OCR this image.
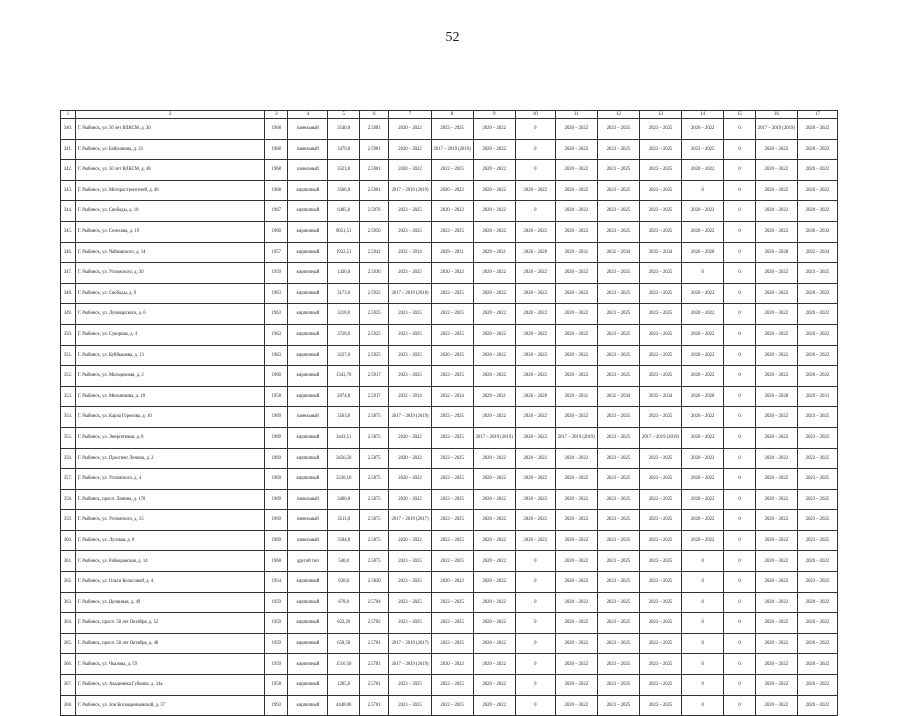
52
1	2	3	4	5	6	7	8	9	10	11	12	13	14	15	16	17
340.	Г. Рыбинск, ул. 50 лет ВЛКСМ, д. 30	1968	панельный	3540,0	2.5981	2020 – 2022	2023 – 2025	2020 – 2022	0	2020 – 2022	2023 – 2025	2023 – 2025	2020 – 2022	0	2017 – 2019 (2019)	2020 – 2022
341.	Г. Рыбинск, ул. Бабушкина, д. 23	1968	панельный	3479,0	2.5981	2020 – 2022	2017 – 2019 (2019)	2020 – 2022	0	2020 – 2022	2023 – 2025	2023 – 2025	2023 – 2025	0	2020 – 2022	2020 – 2022
342.	Г. Рыбинск, ул. 50 лет ВЛКСМ, д. 48	1968	панельный	3523,0	2.5981	2020 – 2022	2023 – 2025	2020 – 2022	0	2020 – 2022	2023 – 2025	2023 – 2025	2020 – 2022	0	2020 – 2022	2020 – 2022
343.	Г. Рыбинск, ул. Моторостроителей, д. 40	1968	кирпичный	3566,0	2.5981	2017 – 2019 (2019)	2020 – 2022	2020 – 2022	2020 – 2022	2020 – 2022	2023 – 2025	2023 – 2025	0	0	2020 – 2022	2020 – 2022
344.	Г. Рыбинск, ул. Свободы, д. 10	1967	кирпичный	6405,0	2.5976	2023 – 2025	2020 – 2022	2020 – 2022	0	2020 – 2022	2023 – 2025	2023 – 2025	2020 – 2022	0	2020 – 2022	2020 – 2022
345.	Г. Рыбинск, ул. Селехова, д. 19	1960	кирпичный	8051,51	2.5950	2023 – 2025	2023 – 2025	2020 – 2022	2020 – 2022	2020 – 2022	2023 – 2025	2023 – 2025	2020 – 2022	0	2020 – 2022	2030 – 2032
346.	Г. Рыбинск, ул. Чайковского, д. 14	1957	кирпичный	1932,51	2.5942	2032 – 2034	2029 – 2031	2029 – 2031	2026 – 2028	2029 – 2031	2032 – 2034	2032 – 2034	2026 – 2028	0	2026 – 2028	2032 – 2034
347.	Г. Рыбинск, ул. Ухтомского, д. 30	1959	кирпичный	1436,0	2.5936	2023 – 2025	2020 – 2022	2020 – 2022	2020 – 2022	2020 – 2022	2023 – 2025	2023 – 2025	0	0	2020 – 2022	2023 – 2025
348.	Г. Рыбинск, ул. Свободы, д. 9	1963	кирпичный	3173,0	2.5925	2017 – 2019 (2018)	2023 – 2025	2020 – 2022	2020 – 2022	2020 – 2022	2023 – 2025	2023 – 2025	2020 – 2022	0	2020 – 2022	2020 – 2022
349.	Г. Рыбинск, ул. Луначарского, д. 6	1963	кирпичный	3218,0	2.5925	2023 – 2025	2023 – 2025	2020 – 2022	2020 – 2022	2020 – 2022	2023 – 2025	2023 – 2025	2020 – 2022	0	2020 – 2022	2020 – 2022
350.	Г. Рыбинск, ул. Суворова, д. 4	1963	кирпичный	3728,0	2.5925	2023 – 2025	2023 – 2025	2020 – 2022	2020 – 2022	2020 – 2022	2023 – 2025	2023 – 2025	2020 – 2022	0	2020 – 2022	2020 – 2022
351.	Г. Рыбинск, ул. Куйбышева, д. 13	1963	кирпичный	3227,0	2.5925	2023 – 2025	2020 – 2025	2020 – 2022	2020 – 2022	2020 – 2022	2023 – 2025	2023 – 2025	2020 – 2022	0	2020 – 2022	2020 – 2022
352.	Г. Рыбинск, ул. Молодежная, д. 2	1960	кирпичный	1343,70	2.5917	2023 – 2025	2023 – 2025	2020 – 2022	2020 – 2022	2020 – 2022	2023 – 2025	2023 – 2025	2020 – 2022	0	2020 – 2022	2020 – 2022
353.	Г. Рыбинск, ул. Мельникова, д. 18	1958	кирпичный	2074,0	2.5917	2032 – 2034	2032 – 2034	2029 – 2031	2026 – 2028	2029 – 2031	2032 – 2034	2032 – 2034	2026 – 2028	0	2026 – 2028	2029 – 2031
354.	Г. Рыбинск, ул. Карла Горелова, д. 10	1969	панельный	3563,0	2.5875	2017 – 2019 (2019)	2023 – 2025	2020 – 2022	2020 – 2022	2020 – 2022	2023 – 2025	2023 – 2025	2020 – 2022	0	2020 – 2022	2023 – 2025
355.	Г. Рыбинск, ул. Энергетиков, д. 8	1969	кирпичный	3443,51	2.5875	2020 – 2022	2023 – 2025	2017 – 2019 (2019)	2020 – 2022	2017 – 2019 (2019)	2023 – 2025	2017 – 2019 (2019)	2020 – 2022	0	2020 – 2022	2023 – 2025
356.	Г. Рыбинск, ул. Проспект Ленина, д. 2	1969	кирпичный	3456,50	2.5875	2020 – 2022	2023 – 2025	2020 – 2022	2020 – 2022	2020 – 2022	2023 – 2025	2023 – 2025	2020 – 2022	0	2020 – 2022	2023 – 2025
357.	Г. Рыбинск, ул. Ухтомского, д. 4	1969	кирпичный	3330,10	2.5875	2020 – 2022	2023 – 2025	2020 – 2022	2020 – 2022	2020 – 2022	2023 – 2025	2023 – 2025	2020 – 2022	0	2020 – 2022	2023 – 2025
358.	Г. Рыбинск, просп. Ленина, д. 178	1969	панельный	3460,0	2.5875	2020 – 2022	2023 – 2025	2020 – 2022	2020 – 2022	2020 – 2022	2023 – 2025	2023 – 2025	2020 – 2022	0	2020 – 2022	2023 – 2025
359.	Г. Рыбинск, ул. Ухтомского, д. 15	1969	панельный	3511,0	2.5875	2017 – 2019 (2017)	2023 – 2025	2020 – 2022	2020 – 2022	2020 – 2022	2023 – 2025	2023 – 2025	2020 – 2022	0	2020 – 2022	2023 – 2025
360.	Г. Рыбинск, ул. Луговая, д. 8	1969	панельный	3504,0	2.5875	2020 – 2022	2023 – 2025	2020 – 2022	2020 – 2022	2020 – 2022	2023 – 2025	2023 – 2025	2020 – 2022	0	2020 – 2022	2023 – 2025
361.	Г. Рыбинск, ул. Рабкоровская, д. 14	1960	другой тип	546,0	2.5875	2023 – 2025	2023 – 2025	2020 – 2022	0	2020 – 2022	2023 – 2025	2023 – 2025	0	0	2020 – 2022	2020 – 2022
362.	Г. Рыбинск, ул. Ольги Колосовой, д. 4	1954	кирпичный	630,0	2.5830	2023 – 2025	2020 – 2022	2020 – 2022	0	2020 – 2022	2023 – 2025	2023 – 2025	0	0	2020 – 2022	2023 – 2025
363.	Г. Рыбинск, ул. Целинная, д. 49	1959	кирпичный	678,0	2.5784	2023 – 2025	2023 – 2025	2020 – 2022	0	2020 – 2022	2023 – 2025	2023 – 2025	0	0	2020 – 2022	2020 – 2022
364.	Г. Рыбинск, просп. 50 лет Октября, д. 52	1959	кирпичный	622,20	2.5782	2023 – 2025	2023 – 2025	2020 – 2022	0	2020 – 2022	2023 – 2025	2023 – 2025	0	0	2020 – 2022	2020 – 2022
365.	Г. Рыбинск, просп. 50 лет Октября, д. 48	1959	кирпичный	658,50	2.5781	2017 – 2019 (2017)	2023 – 2025	2020 – 2022	0	2020 – 2022	2023 – 2025	2023 – 2025	0	0	2020 – 2022	2020 – 2022
366.	Г. Рыбинск, ул. Чкалова, д. 59	1959	кирпичный	1516,50	2.5781	2017 – 2019 (2019)	2020 – 2022	2020 – 2022	0	2020 – 2022	2023 – 2025	2023 – 2025	0	0	2020 – 2022	2020 – 2022
367.	Г. Рыбинск, ул. Академика Губкина, д. 34а	1958	кирпичный	1285,0	2.5781	2023 – 2025	2023 – 2025	2020 – 2022	0	2020 – 2022	2023 – 2025	2023 – 2025	0	0	2020 – 2022	2020 – 2022
368.	Г. Рыбинск, ул. Зои Космодемьянской, д. 37	1993	кирпичный	4448,00	2.5781	2023 – 2025	2023 – 2025	2020 – 2022	0	2020 – 2022	2023 – 2025	2023 – 2025	0	0	2020 – 2022	2020 – 2022
